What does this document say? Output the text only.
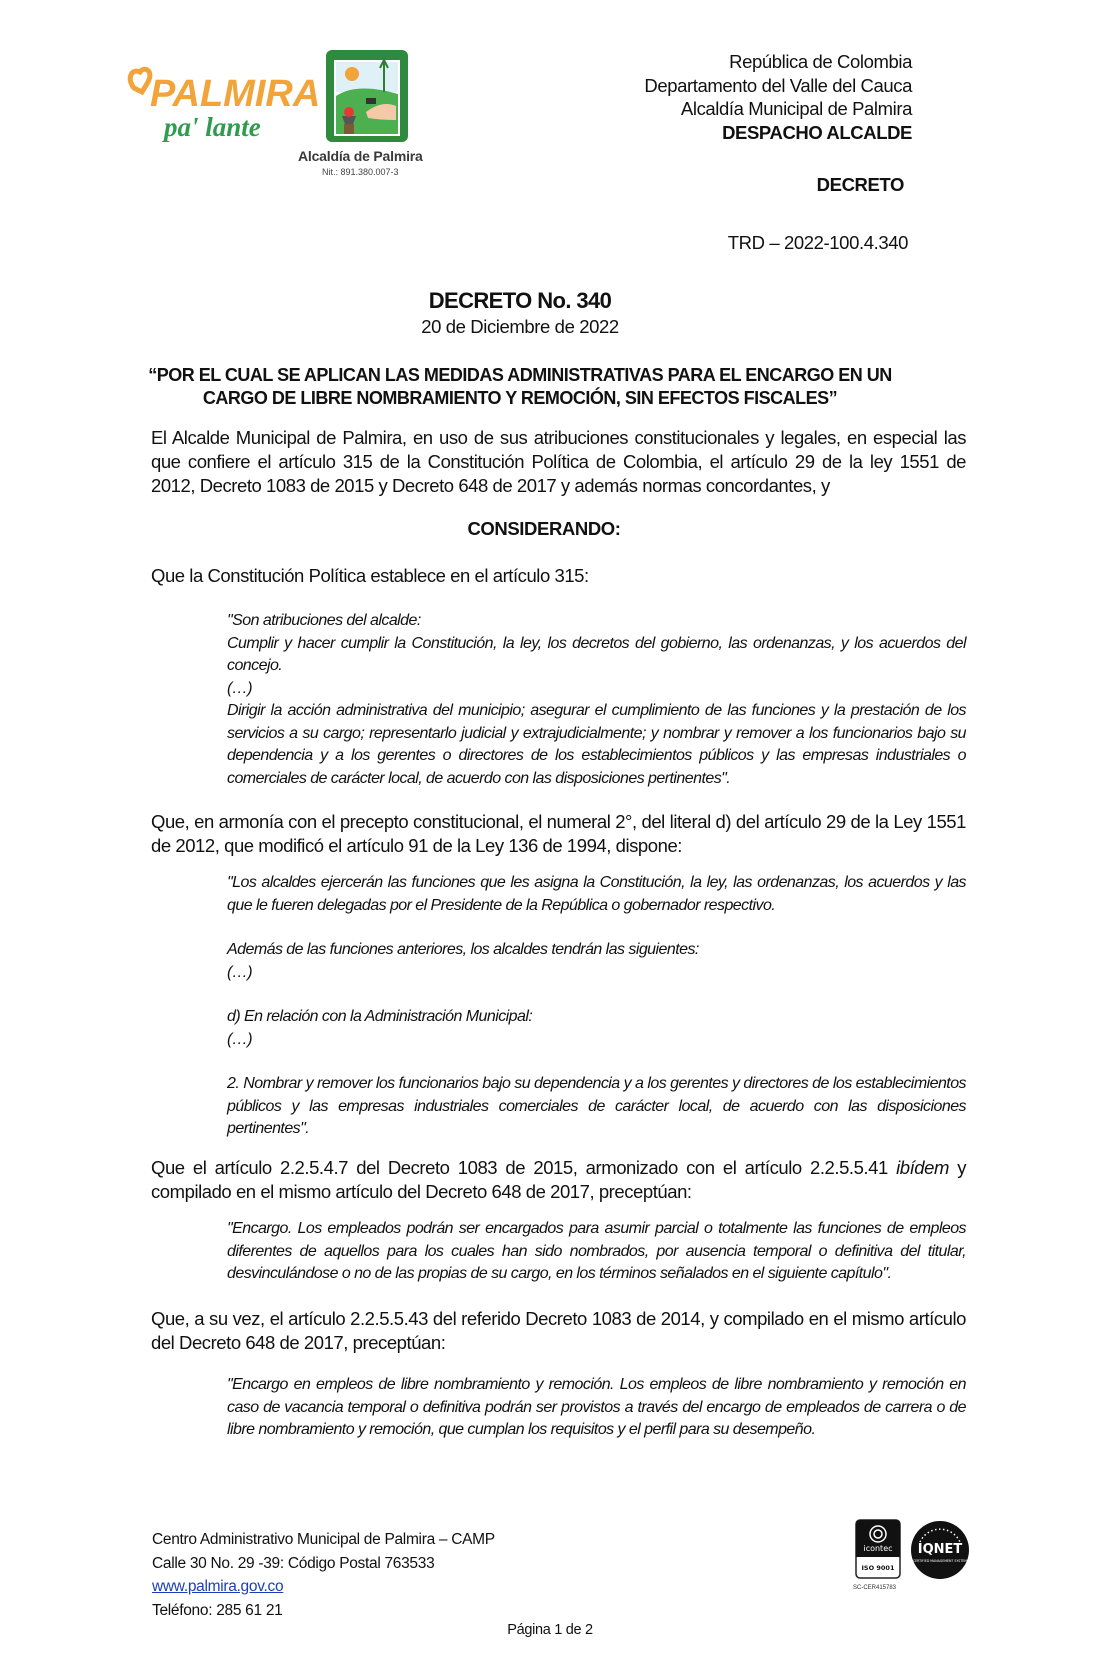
PALMIRA
pa' lante
Alcaldía de Palmira
Nit.: 891.380.007-3
República de Colombia
Departamento del Valle del Cauca
Alcaldía Municipal de Palmira
DESPACHO ALCALDE
DECRETO
TRD – 2022-100.4.340
DECRETO No. 340
20 de Diciembre de 2022
“POR EL CUAL SE APLICAN LAS MEDIDAS ADMINISTRATIVAS PARA EL ENCARGO EN UN
CARGO DE LIBRE NOMBRAMIENTO Y REMOCIÓN, SIN EFECTOS FISCALES”
El Alcalde Municipal de Palmira, en uso de sus atribuciones constitucionales y legales, en especial las que confiere el artículo 315 de la Constitución Política de Colombia, el artículo 29 de la ley 1551 de 2012, Decreto 1083 de 2015 y Decreto 648 de 2017 y además normas concordantes, y
CONSIDERANDO:
Que la Constitución Política establece en el artículo 315:

"Son atribuciones del alcalde:

Cumplir y hacer cumplir la Constitución, la ley, los decretos del gobierno, las ordenanzas, y los acuerdos del concejo.

(…)

Dirigir la acción administrativa del municipio; asegurar el cumplimiento de las funciones y la prestación de los servicios a su cargo; representarlo judicial y extrajudicialmente; y nombrar y remover a los funcionarios bajo su dependencia y a los gerentes o directores de los establecimientos públicos y las empresas industriales o comerciales de carácter local, de acuerdo con las disposiciones pertinentes".

Que, en armonía con el precepto constitucional, el numeral 2°, del literal d) del artículo 29 de la Ley 1551 de 2012, que modificó el artículo 91 de la Ley 136 de 1994, dispone:

"Los alcaldes ejercerán las funciones que les asigna la Constitución, la ley, las ordenanzas, los acuerdos y las que le fueren delegadas por el Presidente de la República o gobernador respectivo.

Además de las funciones anteriores, los alcaldes tendrán las siguientes:

(…)

d) En relación con la Administración Municipal:

(…)

2. Nombrar y remover los funcionarios bajo su dependencia y a los gerentes y directores de los establecimientos públicos y las empresas industriales comerciales de carácter local, de acuerdo con las disposiciones pertinentes".

Que el artículo 2.2.5.4.7 del Decreto 1083 de 2015, armonizado con el artículo 2.2.5.5.41 ibídem y compilado en el mismo artículo del Decreto 648 de 2017, preceptúan:

"Encargo. Los empleados podrán ser encargados para asumir parcial o totalmente las funciones de empleos diferentes de aquellos para los cuales han sido nombrados, por ausencia temporal o definitiva del titular, desvinculándose o no de las propias de su cargo, en los términos señalados en el siguiente capítulo".

Que, a su vez, el artículo 2.2.5.5.43 del referido Decreto 1083 de 2014, y compilado en el mismo artículo del Decreto 648 de 2017, preceptúan:

"Encargo en empleos de libre nombramiento y remoción. Los empleos de libre nombramiento y remoción en caso de vacancia temporal o definitiva podrán ser provistos a través del encargo de empleados de carrera o de libre nombramiento y remoción, que cumplan los requisitos y el perfil para su desempeño.

Centro Administrativo Municipal de Palmira – CAMP
Calle 30 No. 29 -39: Código Postal 763533
www.palmira.gov.co
Teléfono: 285 61 21
icontec
ISO 9001
SC-CER415783
IQNET
CERTIFIED MANAGEMENT SYSTEM
Página 1 de 2
